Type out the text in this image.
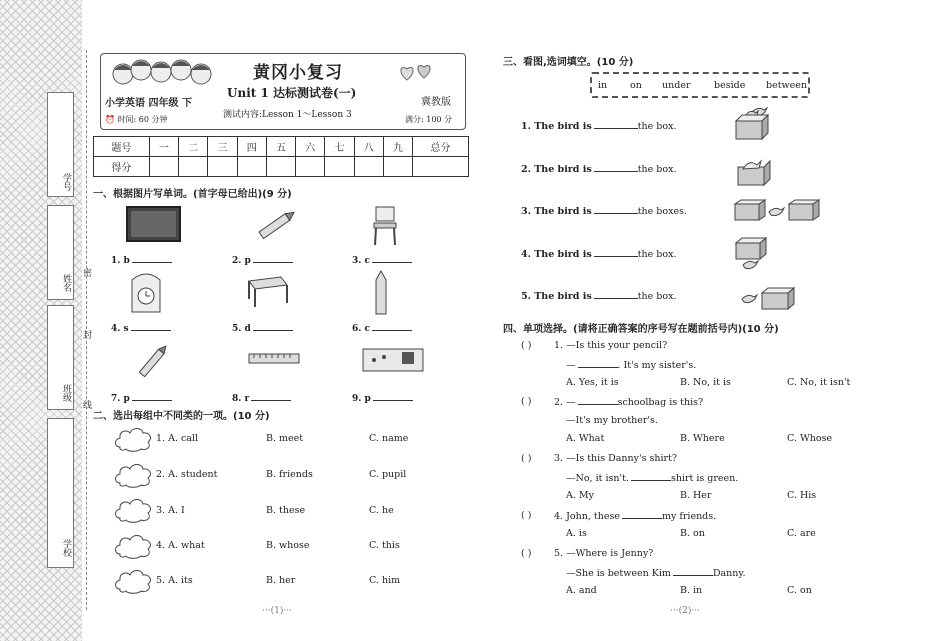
学号
姓名
班级
学校
密
封
线
黄冈小复习
小学英语 四年级 下
Unit 1 达标测试卷(一)
冀教版
测试内容:Lesson 1～Lesson 3
⏰ 时间: 60 分钟	满分: 100 分
题号	一	二	三	四	五	六	七	八	九	总分
得分										
一、根据图片写单词。(首字母已给出)(9 分)
1. b	2. p	3. c
4. s	5. d	6. c
7. p	8. r	9. p
二、选出每组中不同类的一项。(10 分)
1. A. call	B. meet	C. name
2. A. student	B. friends	C. pupil
3. A. I	B. these	C. he
4. A. what	B. whose	C. this
5. A. its	B. her	C. him
···(1)···
三、看图,选词填空。(10 分)
in on under beside between
1. The bird is	the box.
2. The bird is	the box.
3. The bird is	the boxes.
4. The bird is	the box.
5. The bird is	the box.
四、单项选择。(请将正确答案的序号写在题前括号内)(10 分)
( ) 1. —Is this your pencil?
—	. It's my sister's.
A. Yes, it is	B. No, it is	C. No, it isn't
( ) 2. —	schoolbag is this?
—It's my brother's.
A. What	B. Where	C. Whose
( ) 3. —Is this Danny's shirt?
—No, it isn't.	shirt is green.
A. My	B. Her	C. His
( ) 4. John, these	my friends.
A. is	B. on	C. are
( ) 5. —Where is Jenny?
—She is between Kim	Danny.
A. and	B. in	C. on
···(2)···
